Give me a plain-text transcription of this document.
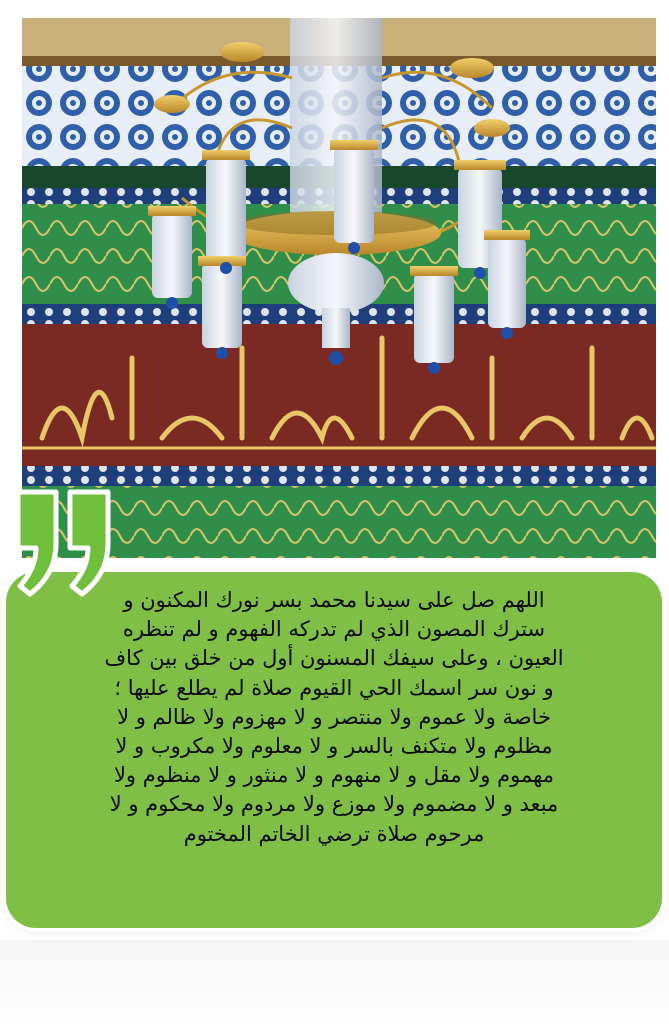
اللهم صل على سيدنا محمد بسر نورك المكنون و
سترك المصون الذي لم تدركه الفهوم و لم تنظره
العيون ، وعلى سيفك المسنون أول من خلق بين كاف
و نون سر اسمك الحي القيوم صلاة لم يطلع عليها ؛
خاصة ولا عموم ولا منتصر و لا مهزوم ولا ظالم و لا
مظلوم ولا متكنف بالسر و لا معلوم ولا مكروب و لا
مهموم ولا مقل و لا منهوم و لا منثور و لا منظوم ولا
مبعد و لا مضموم ولا موزع ولا مردوم ولا محكوم و لا
مرحوم صلاة ترضي الخاتم المختوم
